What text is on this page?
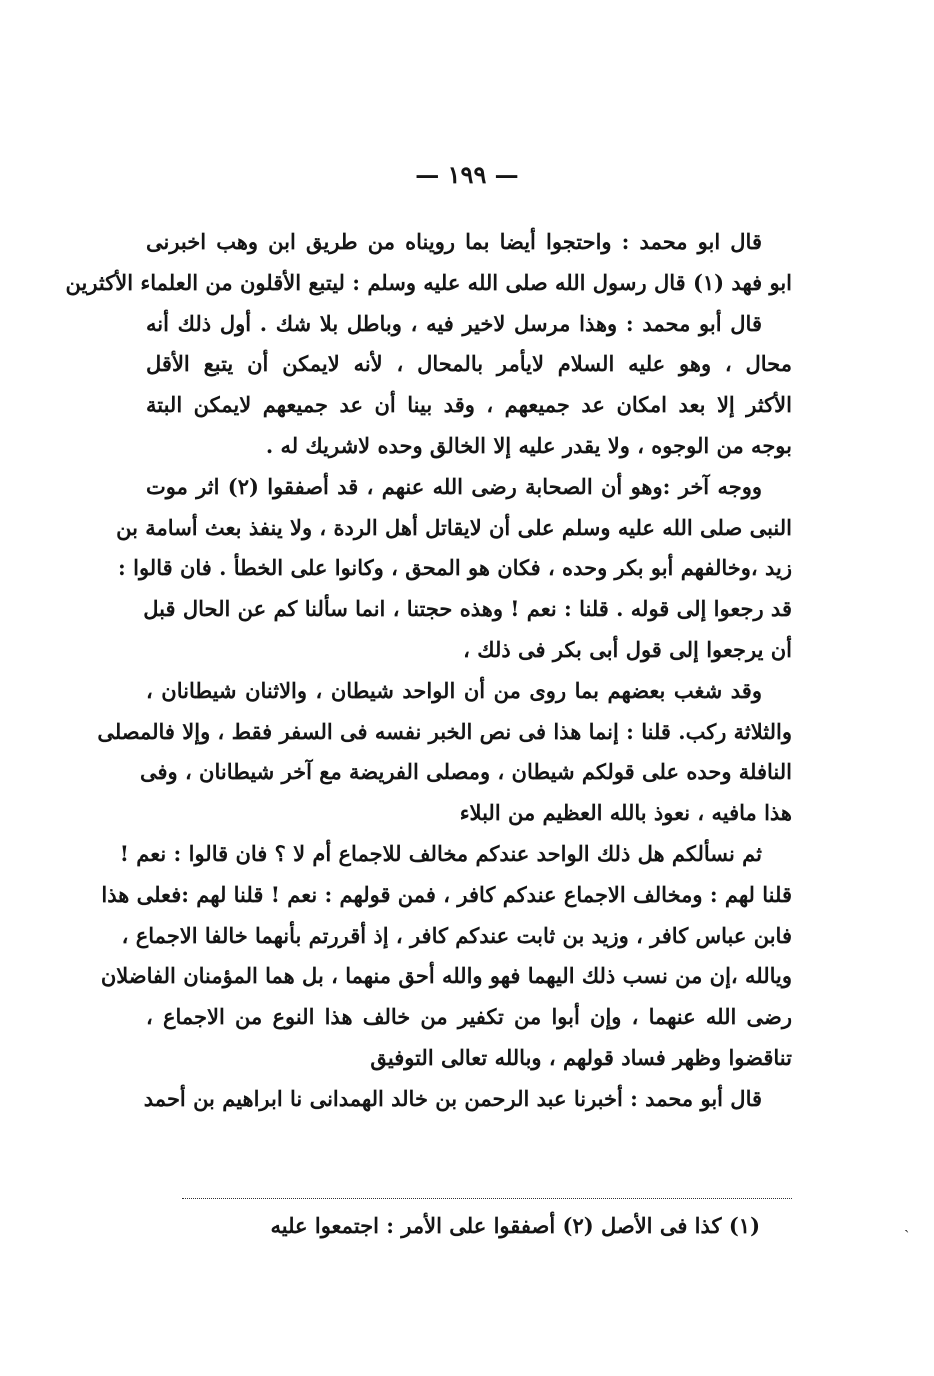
— ١٩٩ —
قال ابو محمد : واحتجوا أيضا بما رويناه من طريق ابن وهب اخبرنى
ابو فهد (١) قال رسول الله صلى الله عليه وسلم : ليتبع الأقلون من العلماء الأكثرين
قال أبو محمد : وهذا مرسل لاخير فيه ، وباطل بلا شك . أول ذلك أنه
محال ، وهو عليه السلام لايأمر بالمحال ، لأنه لايمكن أن يتبع الأقل
الأكثر إلا بعد امكان عد جميعهم ، وقد بينا أن عد جميعهم لايمكن البتة
بوجه من الوجوه ، ولا يقدر عليه إلا الخالق وحده لاشريك له .
ووجه آخر :وهو أن الصحابة رضى الله عنهم ، قد أصفقوا (٢) اثر موت
النبى صلى الله عليه وسلم على أن لايقاتل أهل الردة ، ولا ينفذ بعث أسامة بن
زيد ،وخالفهم أبو بكر وحده ، فكان هو المحق ، وكانوا على الخطأ . فان قالوا :
قد رجعوا إلى قوله . قلنا : نعم ! وهذه حجتنا ، انما سألنا كم عن الحال قبل
أن يرجعوا إلى قول أبى بكر فى ذلك ،
وقد شغب بعضهم بما روى من أن الواحد شيطان ، والاثنان شيطانان ،
والثلاثة ركب. قلنا : إنما هذا فى نص الخبر نفسه فى السفر فقط ، وإلا فالمصلى
النافلة وحده على قولكم شيطان ، ومصلى الفريضة مع آخر شيطانان ، وفى
هذا مافيه ، نعوذ بالله العظيم من البلاء
ثم نسألكم هل ذلك الواحد عندكم مخالف للاجماع أم لا ؟ فان قالوا : نعم !
قلنا لهم : ومخالف الاجماع عندكم كافر ، فمن قولهم : نعم ! قلنا لهم :فعلى هذا
فابن عباس كافر ، وزيد بن ثابت عندكم كافر ، إذ أقررتم بأنهما خالفا الاجماع ،
ويالله ،إن من نسب ذلك اليهما فهو والله أحق منهما ، بل هما المؤمنان الفاضلان
رضى الله عنهما ، وإن أبوا من تكفير من خالف هذا النوع من الاجماع ،
تناقضوا وظهر فساد قولهم ، وبالله تعالى التوفيق
قال أبو محمد : أخبرنا عبد الرحمن بن خالد الهمدانى نا ابراهيم بن أحمد
(١) كذا فى الأصل (٢) أصفقوا على الأمر : اجتمعوا عليه	ˎ
